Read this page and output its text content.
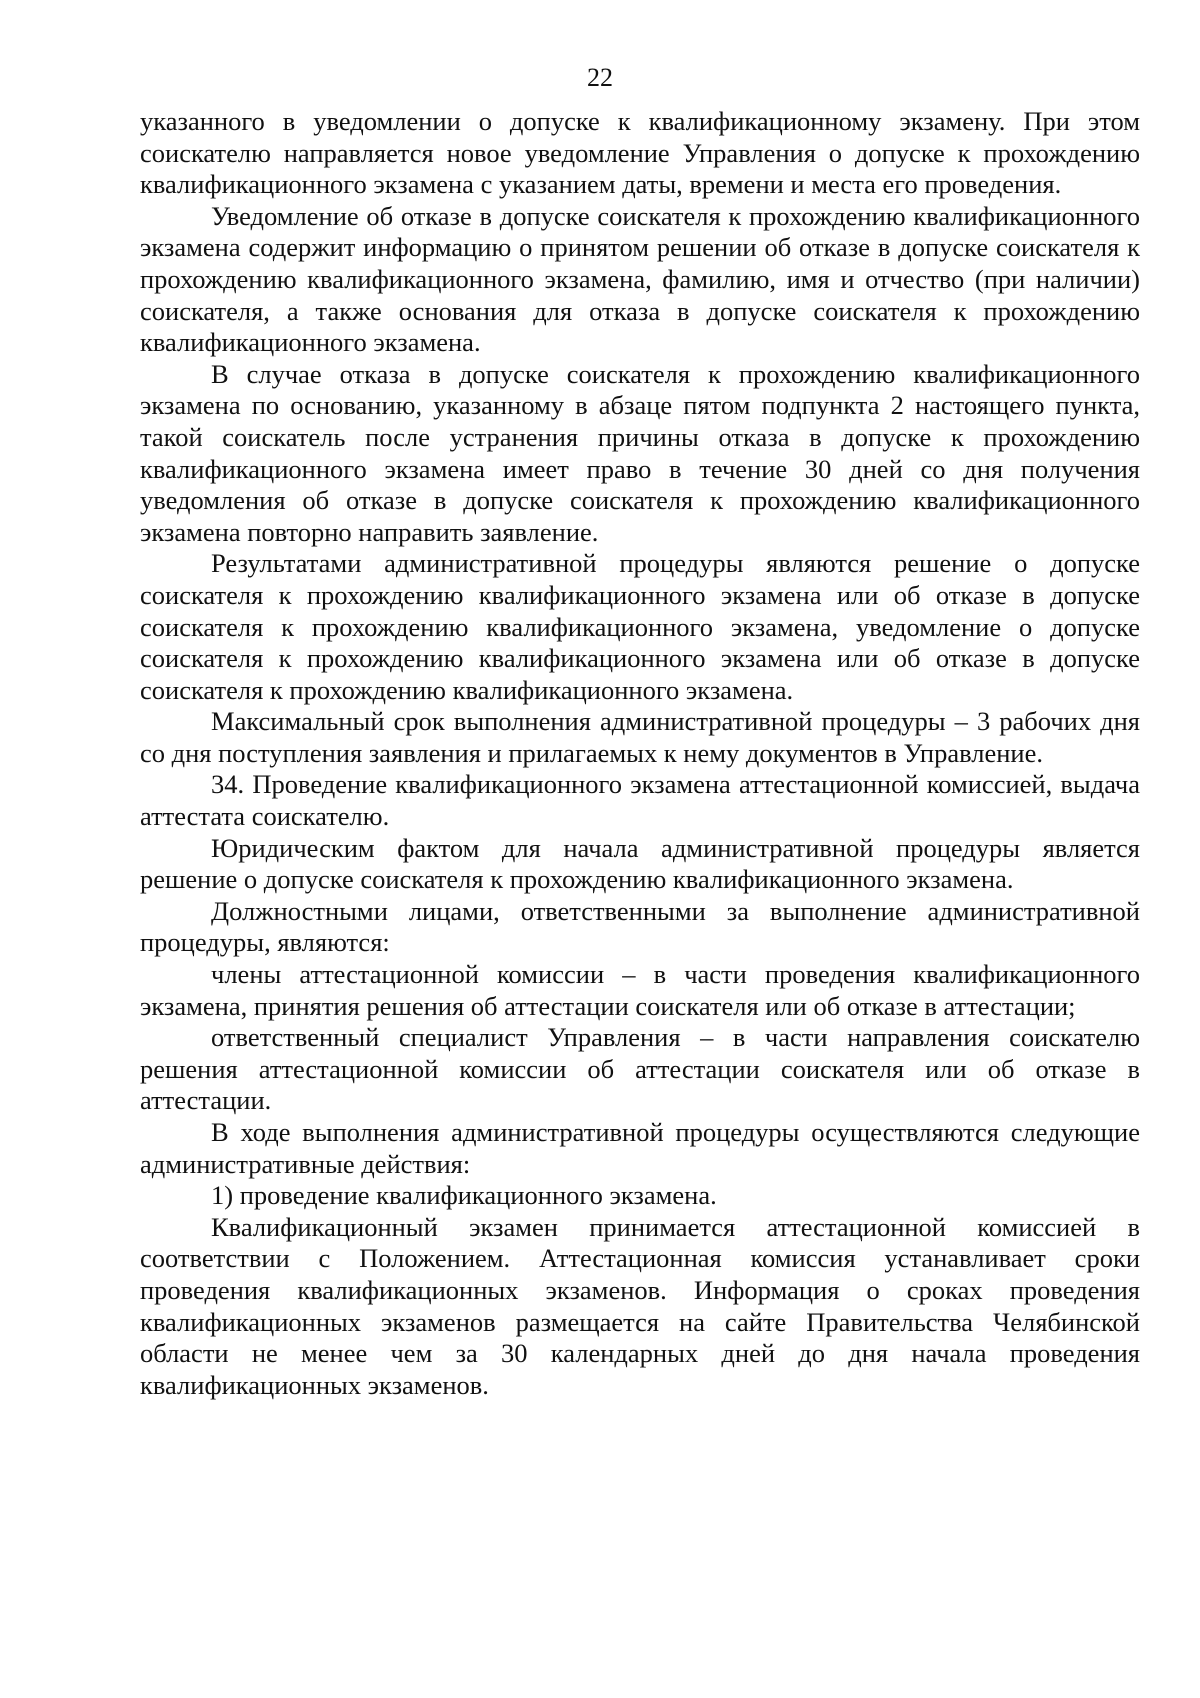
22

указанного в уведомлении о допуске к квалификационному экзамену. При этом соискателю направляется новое уведомление Управления о допуске к прохождению квалификационного экзамена с указанием даты, времени и места его проведения.

Уведомление об отказе в допуске соискателя к прохождению квалификационного экзамена содержит информацию о принятом решении об отказе в допуске соискателя к прохождению квалификационного экзамена, фамилию, имя и отчество (при наличии) соискателя, а также основания для отказа в допуске соискателя к прохождению квалификационного экзамена.

В случае отказа в допуске соискателя к прохождению квалификационного экзамена по основанию, указанному в абзаце пятом подпункта 2 настоящего пункта, такой соискатель после устранения причины отказа в допуске к прохождению квалификационного экзамена имеет право в течение 30 дней со дня получения уведомления об отказе в допуске соискателя к прохождению квалификационного экзамена повторно направить заявление.

Результатами административной процедуры являются решение о допуске соискателя к прохождению квалификационного экзамена или об отказе в допуске соискателя к прохождению квалификационного экзамена, уведомление о допуске соискателя к прохождению квалификационного экзамена или об отказе в допуске соискателя к прохождению квалификационного экзамена.

Максимальный срок выполнения административной процедуры – 3 рабочих дня со дня поступления заявления и прилагаемых к нему документов в Управление.

34. Проведение квалификационного экзамена аттестационной комиссией, выдача аттестата соискателю.

Юридическим фактом для начала административной процедуры является решение о допуске соискателя к прохождению квалификационного экзамена.

Должностными лицами, ответственными за выполнение административной процедуры, являются:

члены аттестационной комиссии – в части проведения квалификационного экзамена, принятия решения об аттестации соискателя или об отказе в аттестации;

ответственный специалист Управления – в части направления соискателю решения аттестационной комиссии об аттестации соискателя или об отказе в аттестации.

В ходе выполнения административной процедуры осуществляются следующие административные действия:

1) проведение квалификационного экзамена.

Квалификационный экзамен принимается аттестационной комиссией в соответствии с Положением. Аттестационная комиссия устанавливает сроки проведения квалификационных экзаменов. Информация о сроках проведения квалификационных экзаменов размещается на сайте Правительства Челябинской области не менее чем за 30 календарных дней до дня начала проведения квалификационных экзаменов.
